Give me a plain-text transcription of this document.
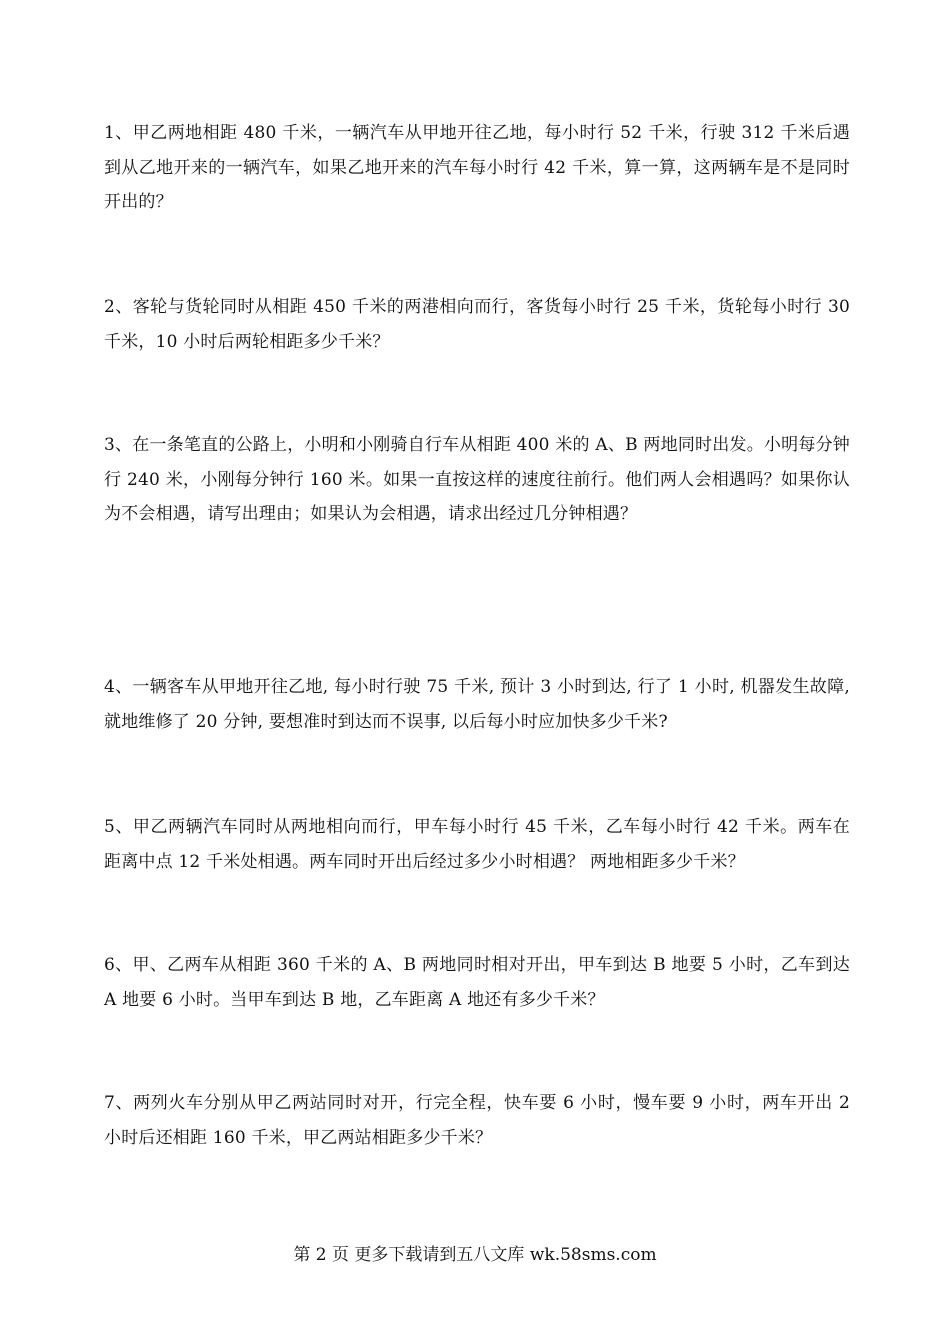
1、甲乙两地相距 480 千米，一辆汽车从甲地开往乙地，每小时行 52 千米，行驶 312 千米后遇到从乙地开来的一辆汽车，如果乙地开来的汽车每小时行 42 千米，算一算，这两辆车是不是同时开出的？

2、客轮与货轮同时从相距 450 千米的两港相向而行，客货每小时行 25 千米，货轮每小时行 30 千米，10 小时后两轮相距多少千米？

3、在一条笔直的公路上，小明和小刚骑自行车从相距 400 米的 A、B 两地同时出发。小明每分钟行 240 米，小刚每分钟行 160 米。如果一直按这样的速度往前行。他们两人会相遇吗？如果你认为不会相遇，请写出理由；如果认为会相遇，请求出经过几分钟相遇？

4、一辆客车从甲地开往乙地, 每小时行驶 75 千米, 预计 3 小时到达, 行了 1 小时, 机器发生故障, 就地维修了 20 分钟, 要想准时到达而不误事, 以后每小时应加快多少千米?

5、甲乙两辆汽车同时从两地相向而行，甲车每小时行 45 千米，乙车每小时行 42 千米。两车在距离中点 12 千米处相遇。两车同时开出后经过多少小时相遇？ 两地相距多少千米？

6、甲、乙两车从相距 360 千米的 A、B 两地同时相对开出，甲车到达 B 地要 5 小时，乙车到达 A 地要 6 小时。当甲车到达 B 地，乙车距离 A 地还有多少千米？

7、两列火车分别从甲乙两站同时对开，行完全程，快车要 6 小时，慢车要 9 小时，两车开出 2 小时后还相距 160 千米，甲乙两站相距多少千米？

第 2 页 更多下载请到五八文库 wk.58sms.com
